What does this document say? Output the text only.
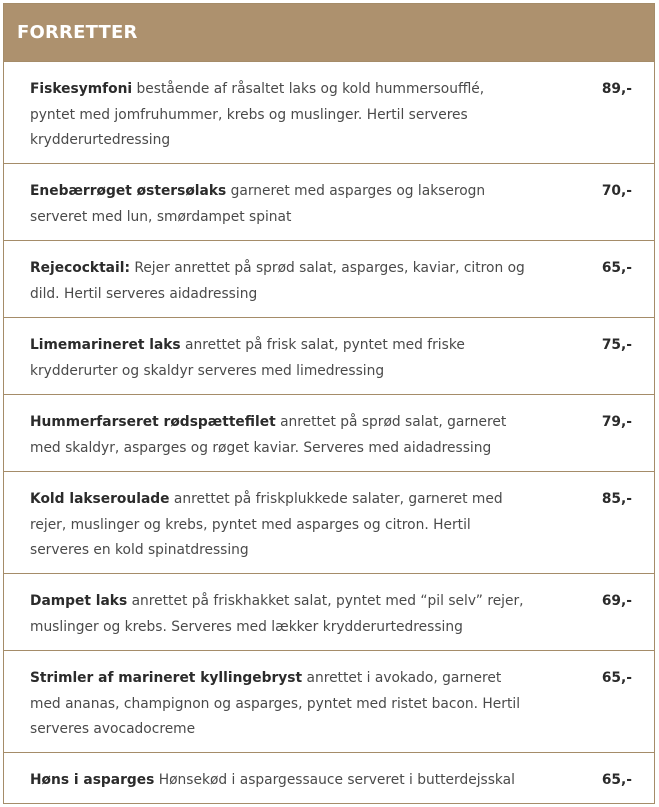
FORRETTER
Fiskesymfoni bestående af råsaltet laks og kold hummersoufflé, pyntet med jomfruhummer, krebs og muslinger. Hertil serveres krydderurtedressing
89,-
Enebærrøget østersølaks garneret med asparges og lakserogn serveret med lun, smørdampet spinat
70,-
Rejecocktail: Rejer anrettet på sprød salat, asparges, kaviar, citron og dild. Hertil serveres aidadressing
65,-
Limemarineret laks anrettet på frisk salat, pyntet med friske krydderurter og skaldyr serveres med limedressing
75,-
Hummerfarseret rødspættefilet anrettet på sprød salat, garneret med skaldyr, asparges og røget kaviar. Serveres med aidadressing
79,-
Kold lakseroulade anrettet på friskplukkede salater, garneret med rejer, muslinger og krebs, pyntet med asparges og citron. Hertil serveres en kold spinatdressing
85,-
Dampet laks anrettet på friskhakket salat, pyntet med “pil selv” rejer, muslinger og krebs. Serveres med lækker krydderurtedressing
69,-
Strimler af marineret kyllingebryst anrettet i avokado, garneret med ananas, champignon og asparges, pyntet med ristet bacon. Hertil serveres avocadocreme
65,-
Høns i asparges Hønsekød i aspargessauce serveret i butterdejsskal	65,-
